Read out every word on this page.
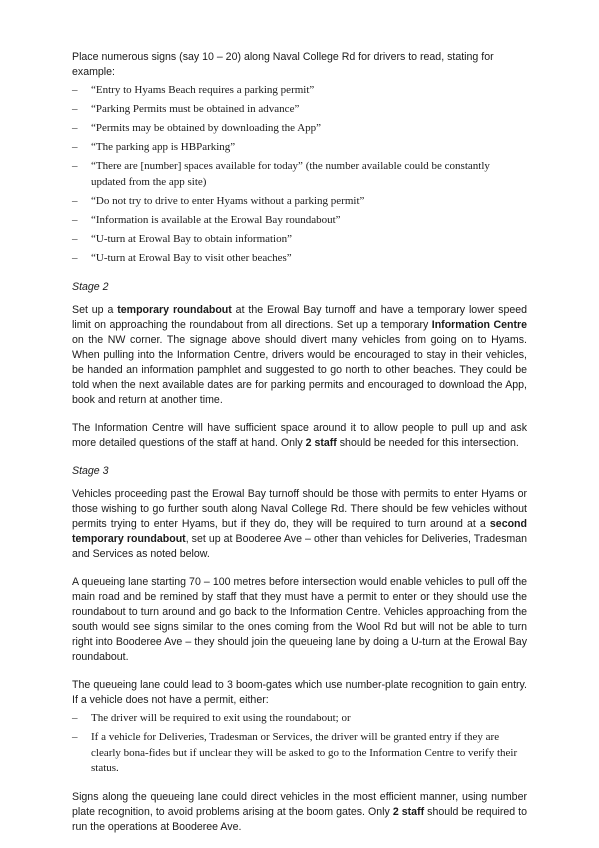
Place numerous signs (say 10 – 20) along Naval College Rd for drivers to read, stating for example:

– “Entry to Hyams Beach requires a parking permit”
– “Parking Permits must be obtained in advance”
– “Permits may be obtained by downloading the App”
– “The parking app is HBParking”
– “There are [number] spaces available for today” (the number available could be constantly updated from the app site)
– “Do not try to drive to enter Hyams without a parking permit”
– “Information is available at the Erowal Bay roundabout”
– “U-turn at Erowal Bay to obtain information”
– “U-turn at Erowal Bay to visit other beaches”
Stage 2

Set up a temporary roundabout at the Erowal Bay turnoff and have a temporary lower speed limit on approaching the roundabout from all directions. Set up a temporary Information Centre on the NW corner. The signage above should divert many vehicles from going on to Hyams. When pulling into the Information Centre, drivers would be encouraged to stay in their vehicles, be handed an information pamphlet and suggested to go north to other beaches. They could be told when the next available dates are for parking permits and encouraged to download the App, book and return at another time.

The Information Centre will have sufficient space around it to allow people to pull up and ask more detailed questions of the staff at hand. Only 2 staff should be needed for this intersection.

Stage 3

Vehicles proceeding past the Erowal Bay turnoff should be those with permits to enter Hyams or those wishing to go further south along Naval College Rd. There should be few vehicles without permits trying to enter Hyams, but if they do, they will be required to turn around at a second temporary roundabout, set up at Booderee Ave – other than vehicles for Deliveries, Tradesman and Services as noted below.

A queueing lane starting 70 – 100 metres before intersection would enable vehicles to pull off the main road and be remined by staff that they must have a permit to enter or they should use the roundabout to turn around and go back to the Information Centre. Vehicles approaching from the south would see signs similar to the ones coming from the Wool Rd but will not be able to turn right into Booderee Ave – they should join the queueing lane by doing a U-turn at the Erowal Bay roundabout.

The queueing lane could lead to 3 boom-gates which use number-plate recognition to gain entry. If a vehicle does not have a permit, either:

– The driver will be required to exit using the roundabout; or
– If a vehicle for Deliveries, Tradesman or Services, the driver will be granted entry if they are clearly bona-fides but if unclear they will be asked to go to the Information Centre to verify their status.

Signs along the queueing lane could direct vehicles in the most efficient manner, using number plate recognition, to avoid problems arising at the boom gates. Only 2 staff should be required to run the operations at Booderee Ave.
